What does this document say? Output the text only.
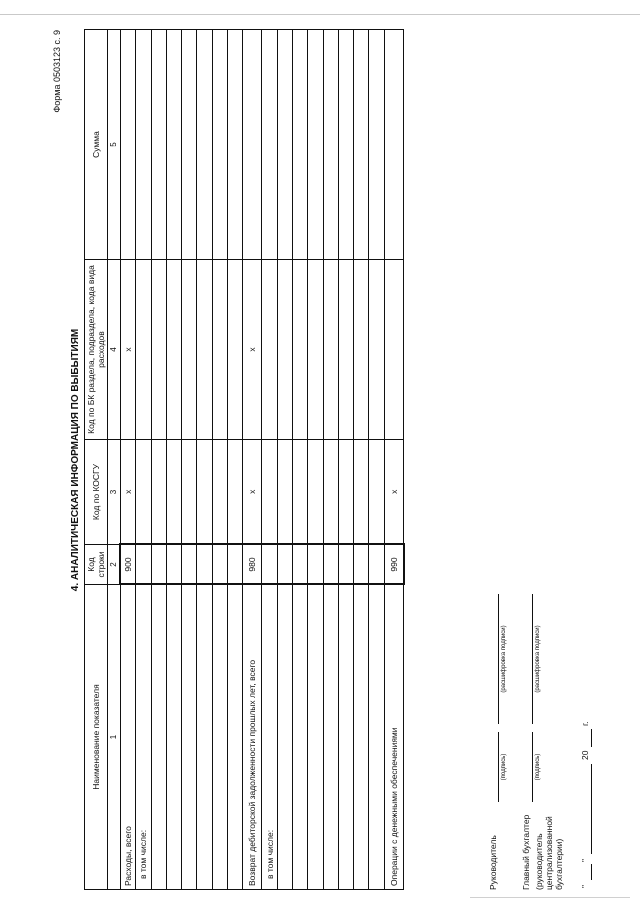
Форма 0503123 с. 9
4. АНАЛИТИЧЕСКАЯ ИНФОРМАЦИЯ ПО ВЫБЫТИЯМ
Наименование показателя	Код строки	Код по КОСГУ	Код по БК раздела, подраздела, кода вида расходов	Сумма
1	2	3	4	5
Расходы, всего	900	x	x	
в том числе:				

Возврат дебиторской задолженности прошлых лет, всего	980	x	x	
в том числе:				

Операции с денежными обеспечениями	990	x		
Руководитель
(подпись)
(расшифровка подписи)
Главный бухгалтер (руководитель централизованной бухгалтерии)
(подпись)
(расшифровка подписи)
"
"
20
г.
